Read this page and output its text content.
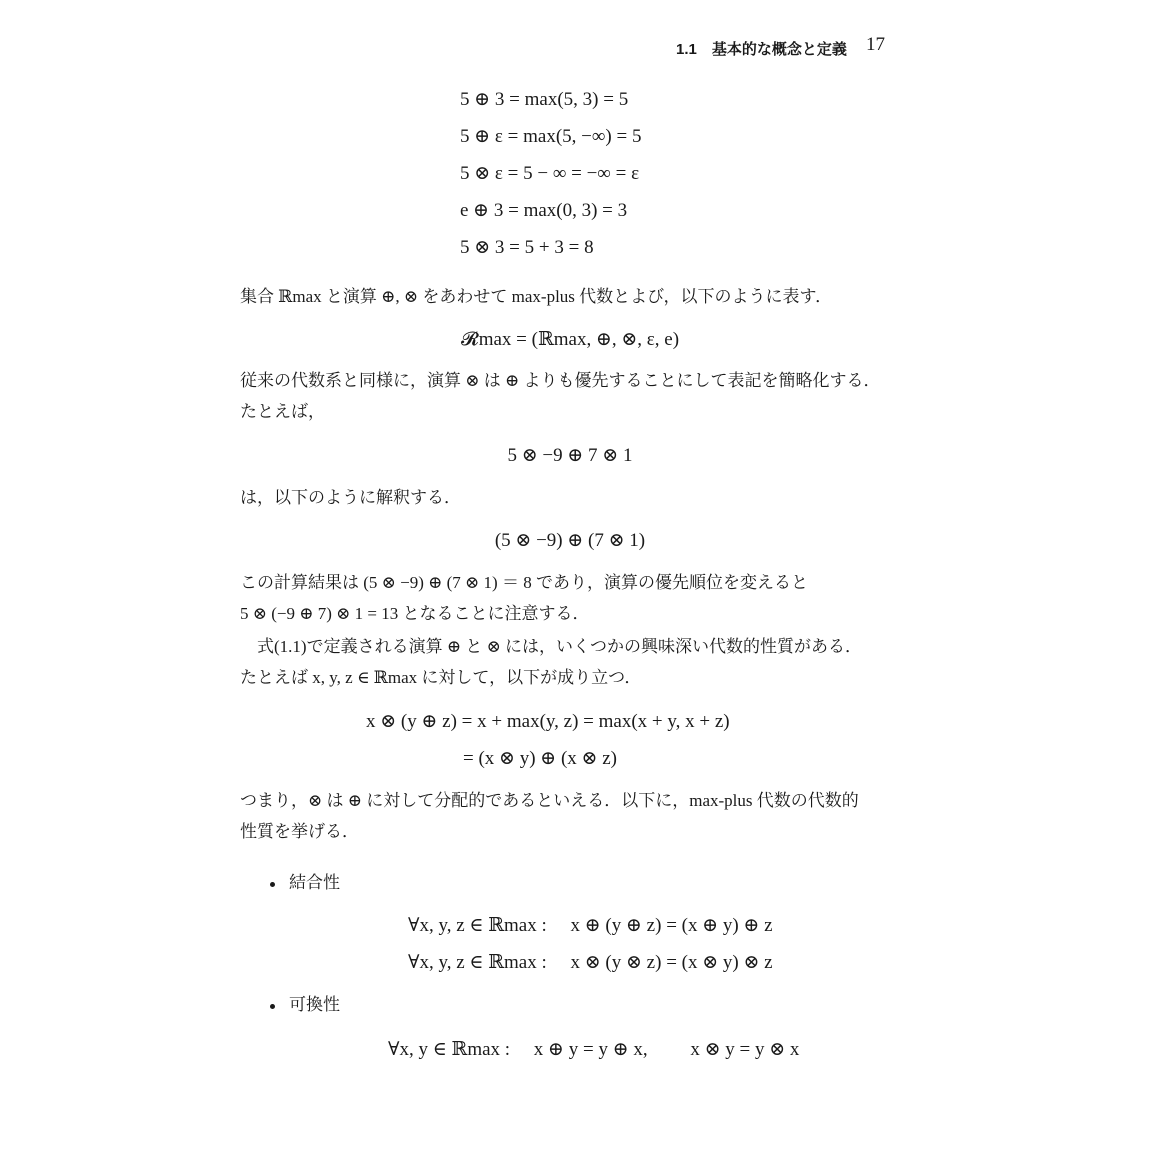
1.1　基本的な概念と定義 17
5 ⊕ 3 = max(5, 3) = 5
5 ⊕ ε = max(5, −∞) = 5
5 ⊗ ε = 5 − ∞ = −∞ = ε
e ⊕ 3 = max(0, 3) = 3
5 ⊗ 3 = 5 + 3 = 8
集合 ℝmax と演算 ⊕, ⊗ をあわせて max-plus 代数とよび，以下のように表す．
𝓡max = (ℝmax, ⊕, ⊗, ε, e)
従来の代数系と同様に，演算 ⊗ は ⊕ よりも優先することにして表記を簡略化する．
たとえば，
5 ⊗ −9 ⊕ 7 ⊗ 1
は，以下のように解釈する．
(5 ⊗ −9) ⊕ (7 ⊗ 1)
この計算結果は (5 ⊗ −9) ⊕ (7 ⊗ 1) ＝ 8 であり，演算の優先順位を変えると
5 ⊗ (−9 ⊕ 7) ⊗ 1 = 13 となることに注意する．
　式(1.1)で定義される演算 ⊕ と ⊗ には，いくつかの興味深い代数的性質がある．
たとえば x, y, z ∈ ℝmax に対して，以下が成り立つ．
x ⊗ (y ⊕ z) = x + max(y, z) = max(x + y, x + z)
= (x ⊗ y) ⊕ (x ⊗ z)
つまり，⊗ は ⊕ に対して分配的であるといえる．以下に，max-plus 代数の代数的
性質を挙げる．
結合性
∀x, y, z ∈ ℝmax :　 x ⊕ (y ⊕ z) = (x ⊕ y) ⊕ z
∀x, y, z ∈ ℝmax :　 x ⊗ (y ⊗ z) = (x ⊗ y) ⊗ z
可換性
∀x, y ∈ ℝmax :　 x ⊕ y = y ⊕ x,　　 x ⊗ y = y ⊗ x
